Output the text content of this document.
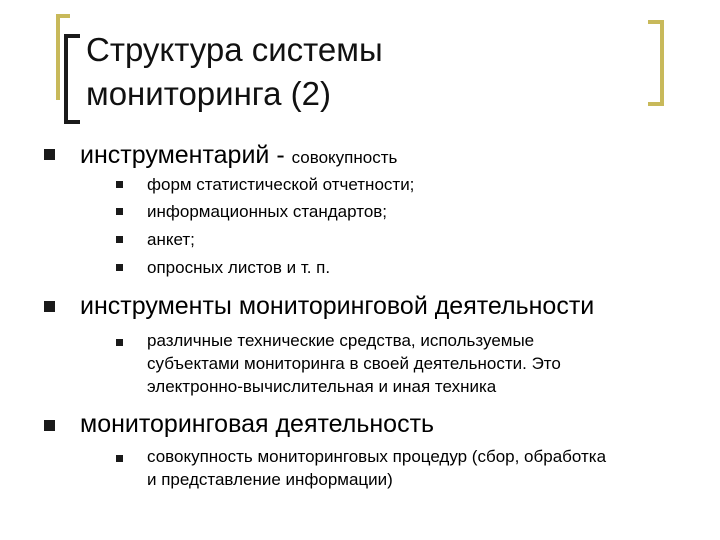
Структура системы
мониторинга (2)
инструментарий - совокупность
форм статистической отчетности;
информационных стандартов;
анкет;
опросных листов и т. п.
инструменты мониторинговой деятельности
различные технические средства, используемые
субъектами мониторинга в своей деятельности. Это
электронно-вычислительная и иная техника
мониторинговая деятельность
совокупность мониторинговых процедур (сбор, обработка
и представление информации)
